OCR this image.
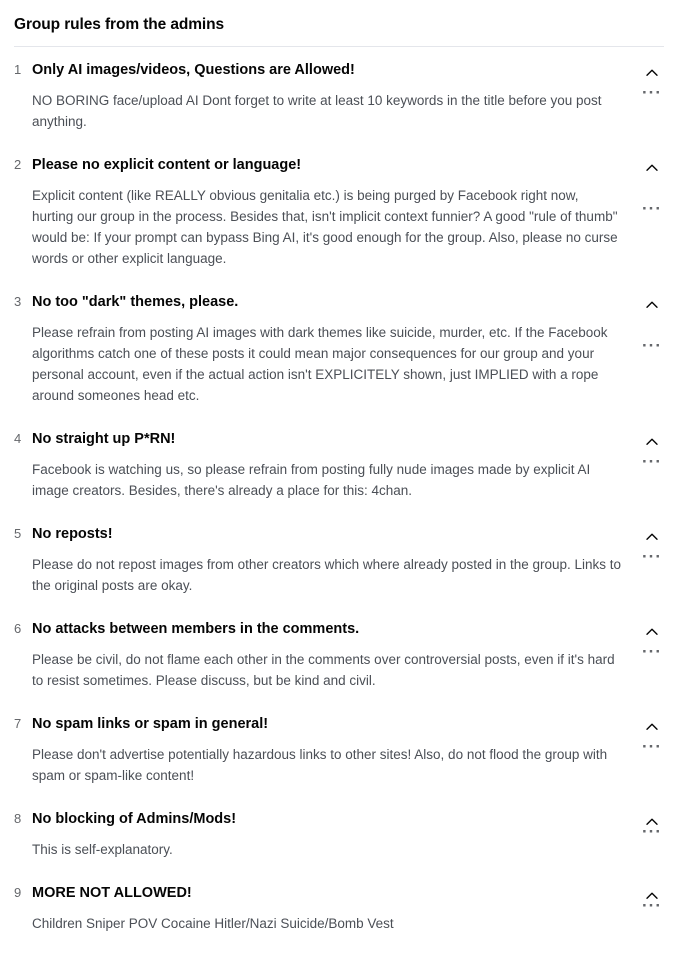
Group rules from the admins
1 Only AI images/videos, Questions are Allowed!
NO BORING face/upload AI Dont forget to write at least 10 keywords in the title before you post anything.
···
2 Please no explicit content or language!
Explicit content (like REALLY obvious genitalia etc.) is being purged by Facebook right now, hurting our group in the process. Besides that, isn't implicit context funnier? A good "rule of thumb" would be: If your prompt can bypass Bing AI, it's good enough for the group. Also, please no curse words or other explicit language.
···
3 No too "dark" themes, please.
Please refrain from posting AI images with dark themes like suicide, murder, etc. If the Facebook algorithms catch one of these posts it could mean major consequences for our group and your personal account, even if the actual action isn't EXPLICITELY shown, just IMPLIED with a rope around someones head etc.
···
4 No straight up P*RN!
Facebook is watching us, so please refrain from posting fully nude images made by explicit AI image creators. Besides, there's already a place for this: 4chan.
···
5 No reposts!
Please do not repost images from other creators which where already posted in the group. Links to the original posts are okay.
···
6 No attacks between members in the comments.
Please be civil, do not flame each other in the comments over controversial posts, even if it's hard to resist sometimes. Please discuss, but be kind and civil.
···
7 No spam links or spam in general!
Please don't advertise potentially hazardous links to other sites! Also, do not flood the group with spam or spam-like content!
···
8 No blocking of Admins/Mods!
This is self-explanatory.
···
9 MORE NOT ALLOWED!
Children Sniper POV Cocaine Hitler/Nazi Suicide/Bomb Vest
···
